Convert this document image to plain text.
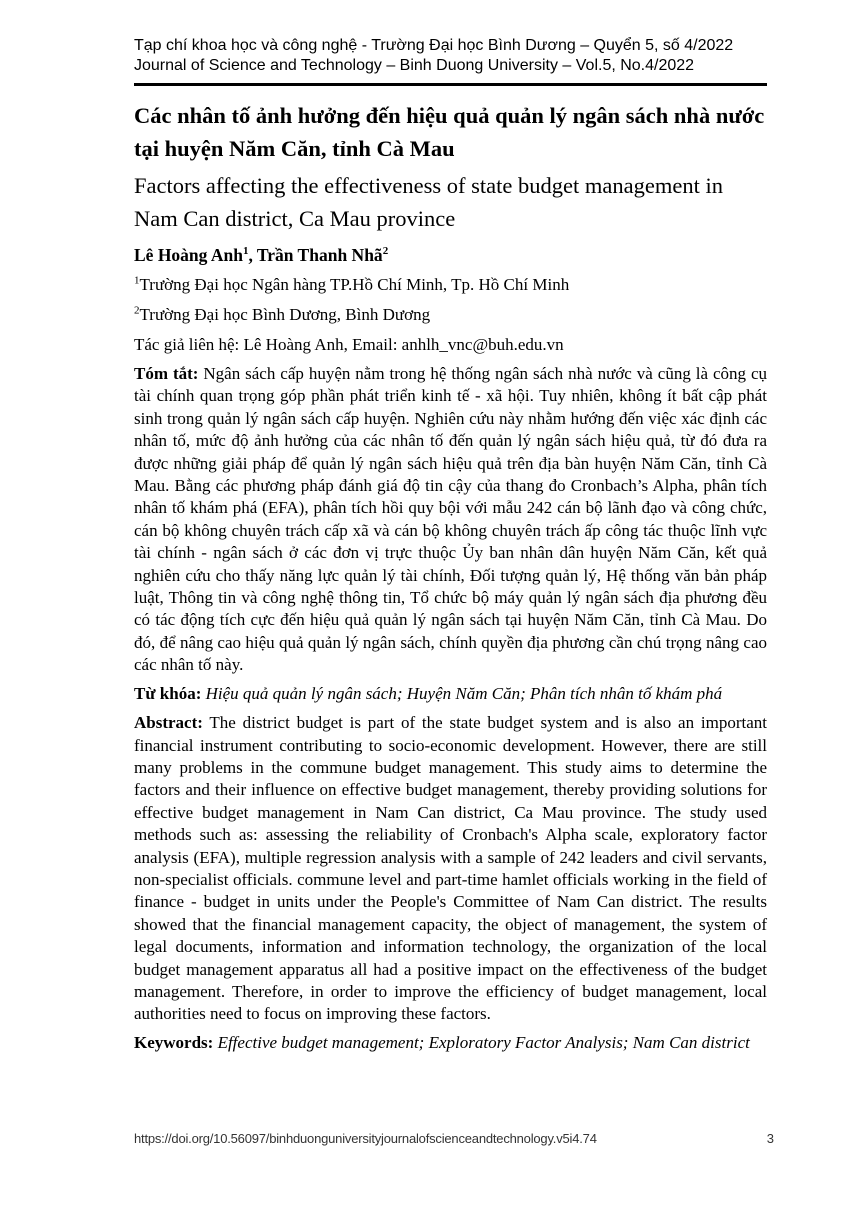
Tạp chí khoa học và công nghệ - Trường Đại học Bình Dương – Quyển 5, số 4/2022
Journal of Science and Technology – Binh Duong University – Vol.5, No.4/2022
Các nhân tố ảnh hưởng đến hiệu quả quản lý ngân sách nhà nước tại huyện Năm Căn, tỉnh Cà Mau
Factors affecting the effectiveness of state budget management in Nam Can district, Ca Mau province

Lê Hoàng Anh$^1$, Trần Thanh Nhã$^2$

$^1$Trường Đại học Ngân hàng TP.Hồ Chí Minh, Tp. Hồ Chí Minh

$^2$Trường Đại học Bình Dương, Bình Dương

Tác giả liên hệ: Lê Hoàng Anh, Email: anhlh_vnc@buh.edu.vn

Tóm tắt: Ngân sách cấp huyện nằm trong hệ thống ngân sách nhà nước và cũng là công cụ tài chính quan trọng góp phần phát triển kinh tế - xã hội. Tuy nhiên, không ít bất cập phát sinh trong quản lý ngân sách cấp huyện. Nghiên cứu này nhằm hướng đến việc xác định các nhân tố, mức độ ảnh hưởng của các nhân tố đến quản lý ngân sách hiệu quả, từ đó đưa ra được những giải pháp để quản lý ngân sách hiệu quả trên địa bàn huyện Năm Căn, tỉnh Cà Mau. Bằng các phương pháp đánh giá độ tin cậy của thang đo Cronbach’s Alpha, phân tích nhân tố khám phá (EFA), phân tích hồi quy bội với mẫu 242 cán bộ lãnh đạo và công chức, cán bộ không chuyên trách cấp xã và cán bộ không chuyên trách ấp công tác thuộc lĩnh vực tài chính - ngân sách ở các đơn vị trực thuộc Ủy ban nhân dân huyện Năm Căn, kết quả nghiên cứu cho thấy năng lực quản lý tài chính, Đối tượng quản lý, Hệ thống văn bản pháp luật, Thông tin và công nghệ thông tin, Tổ chức bộ máy quản lý ngân sách địa phương đều có tác động tích cực đến hiệu quả quản lý ngân sách tại huyện Năm Căn, tỉnh Cà Mau. Do đó, để nâng cao hiệu quả quản lý ngân sách, chính quyền địa phương cần chú trọng nâng cao các nhân tố này.

Từ khóa: Hiệu quả quản lý ngân sách; Huyện Năm Căn; Phân tích nhân tố khám phá

Abstract: The district budget is part of the state budget system and is also an important financial instrument contributing to socio-economic development. However, there are still many problems in the commune budget management. This study aims to determine the factors and their influence on effective budget management, thereby providing solutions for effective budget management in Nam Can district, Ca Mau province. The study used methods such as: assessing the reliability of Cronbach's Alpha scale, exploratory factor analysis (EFA), multiple regression analysis with a sample of 242 leaders and civil servants, non-specialist officials. commune level and part-time hamlet officials working in the field of finance - budget in units under the People's Committee of Nam Can district. The results showed that the financial management capacity, the object of management, the system of legal documents, information and information technology, the organization of the local budget management apparatus all had a positive impact on the effectiveness of the budget management. Therefore, in order to improve the efficiency of budget management, local authorities need to focus on improving these factors.

Keywords: Effective budget management; Exploratory Factor Analysis; Nam Can district

https://doi.org/10.56097/binhduonguniversityjournalofscienceandtechnology.v5i4.74	3
